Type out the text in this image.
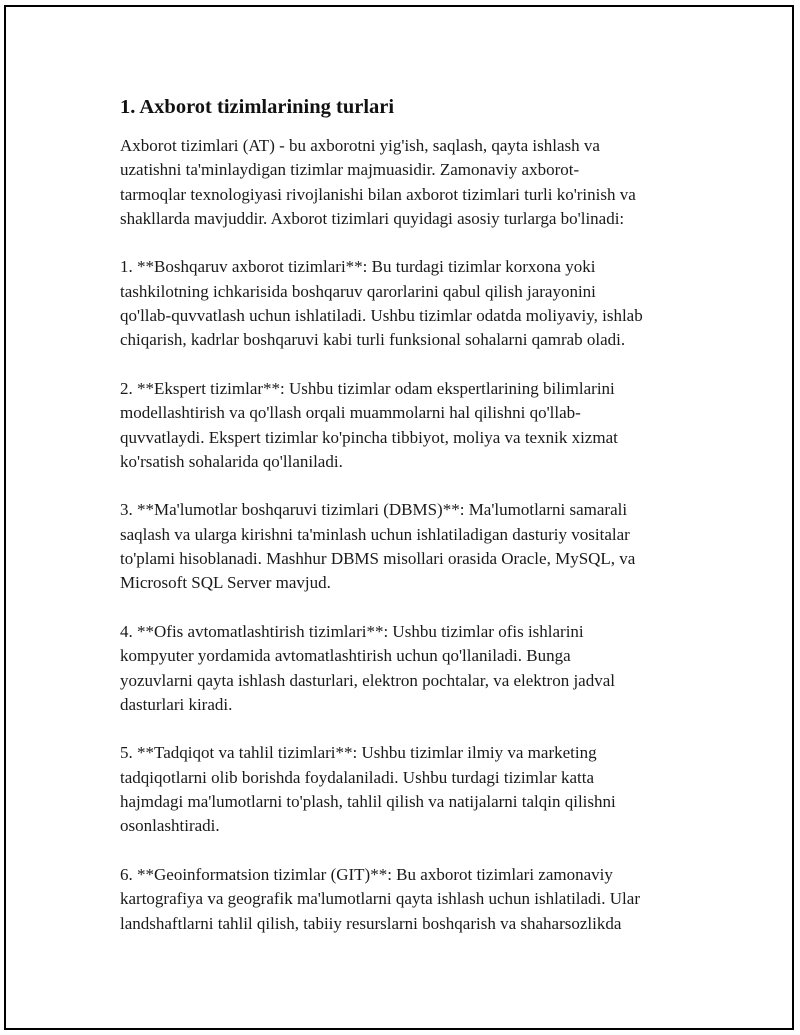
1. Axborot tizimlarining turlari

Axborot tizimlari (AT) - bu axborotni yig'ish, saqlash, qayta ishlash va
uzatishni ta'minlaydigan tizimlar majmuasidir. Zamonaviy axborot-
tarmoqlar texnologiyasi rivojlanishi bilan axborot tizimlari turli ko'rinish va
shakllarda mavjuddir. Axborot tizimlari quyidagi asosiy turlarga bo'linadi:

1. **Boshqaruv axborot tizimlari**: Bu turdagi tizimlar korxona yoki
tashkilotning ichkarisida boshqaruv qarorlarini qabul qilish jarayonini
qo'llab-quvvatlash uchun ishlatiladi. Ushbu tizimlar odatda moliyaviy, ishlab
chiqarish, kadrlar boshqaruvi kabi turli funksional sohalarni qamrab oladi.

2. **Ekspert tizimlar**: Ushbu tizimlar odam ekspertlarining bilimlarini
modellashtirish va qo'llash orqali muammolarni hal qilishni qo'llab-
quvvatlaydi. Ekspert tizimlar ko'pincha tibbiyot, moliya va texnik xizmat
ko'rsatish sohalarida qo'llaniladi.

3. **Ma'lumotlar boshqaruvi tizimlari (DBMS)**: Ma'lumotlarni samarali
saqlash va ularga kirishni ta'minlash uchun ishlatiladigan dasturiy vositalar
to'plami hisoblanadi. Mashhur DBMS misollari orasida Oracle, MySQL, va
Microsoft SQL Server mavjud.

4. **Ofis avtomatlashtirish tizimlari**: Ushbu tizimlar ofis ishlarini
kompyuter yordamida avtomatlashtirish uchun qo'llaniladi. Bunga
yozuvlarni qayta ishlash dasturlari, elektron pochtalar, va elektron jadval
dasturlari kiradi.

5. **Tadqiqot va tahlil tizimlari**: Ushbu tizimlar ilmiy va marketing
tadqiqotlarni olib borishda foydalaniladi. Ushbu turdagi tizimlar katta
hajmdagi ma'lumotlarni to'plash, tahlil qilish va natijalarni talqin qilishni
osonlashtiradi.

6. **Geoinformatsion tizimlar (GIT)**: Bu axborot tizimlari zamonaviy
kartografiya va geografik ma'lumotlarni qayta ishlash uchun ishlatiladi. Ular
landshaftlarni tahlil qilish, tabiiy resurslarni boshqarish va shaharsozlikda
